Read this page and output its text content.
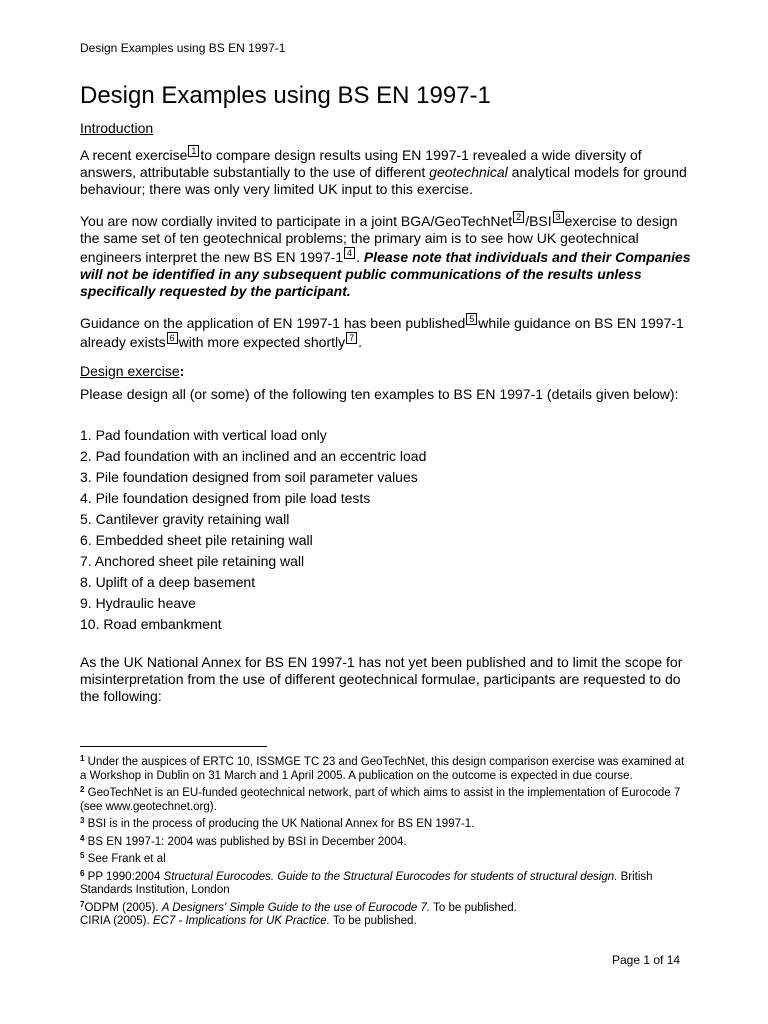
Design Examples using BS EN 1997-1
Design Examples using BS EN 1997-1
Introduction

A recent exercise 1 to compare design results using EN 1997-1 revealed a wide diversity of answers, attributable substantially to the use of different geotechnical analytical models for ground behaviour; there was only very limited UK input to this exercise.

You are now cordially invited to participate in a joint BGA/GeoTechNet 2 /BSI 3 exercise to design the same set of ten geotechnical problems; the primary aim is to see how UK geotechnical engineers interpret the new BS EN 1997-1 4 . Please note that individuals and their Companies will not be identified in any subsequent public communications of the results unless specifically requested by the participant.

Guidance on the application of EN 1997-1 has been published 5 while guidance on BS EN 1997-1 already exists 6 with more expected shortly 7 .

Design exercise:

Please design all (or some) of the following ten examples to BS EN 1997-1 (details given below):

1. Pad foundation with vertical load only
2. Pad foundation with an inclined and an eccentric load
3. Pile foundation designed from soil parameter values
4. Pile foundation designed from pile load tests
5. Cantilever gravity retaining wall
6. Embedded sheet pile retaining wall
7. Anchored sheet pile retaining wall
8. Uplift of a deep basement
9. Hydraulic heave
10. Road embankment

As the UK National Annex for BS EN 1997-1 has not yet been published and to limit the scope for misinterpretation from the use of different geotechnical formulae, participants are requested to do the following:

$^1$ Under the auspices of ERTC 10, ISSMGE TC 23 and GeoTechNet, this design comparison exercise was examined at a Workshop in Dublin on 31 March and 1 April 2005. A publication on the outcome is expected in due course.

$^2$ GeoTechNet is an EU-funded geotechnical network, part of which aims to assist in the implementation of Eurocode 7 (see www.geotechnet.org).

$^3$ BSI is in the process of producing the UK National Annex for BS EN 1997-1.

$^4$ BS EN 1997-1: 2004 was published by BSI in December 2004.

$^5$ See Frank et al

$^6$ PP 1990:2004 Structural Eurocodes. Guide to the Structural Eurocodes for students of structural design. British Standards Institution, London

$^7$ODPM (2005). A Designers' Simple Guide to the use of Eurocode 7. To be published.

CIRIA (2005). EC7 - Implications for UK Practice. To be published.

Page 1 of 14
